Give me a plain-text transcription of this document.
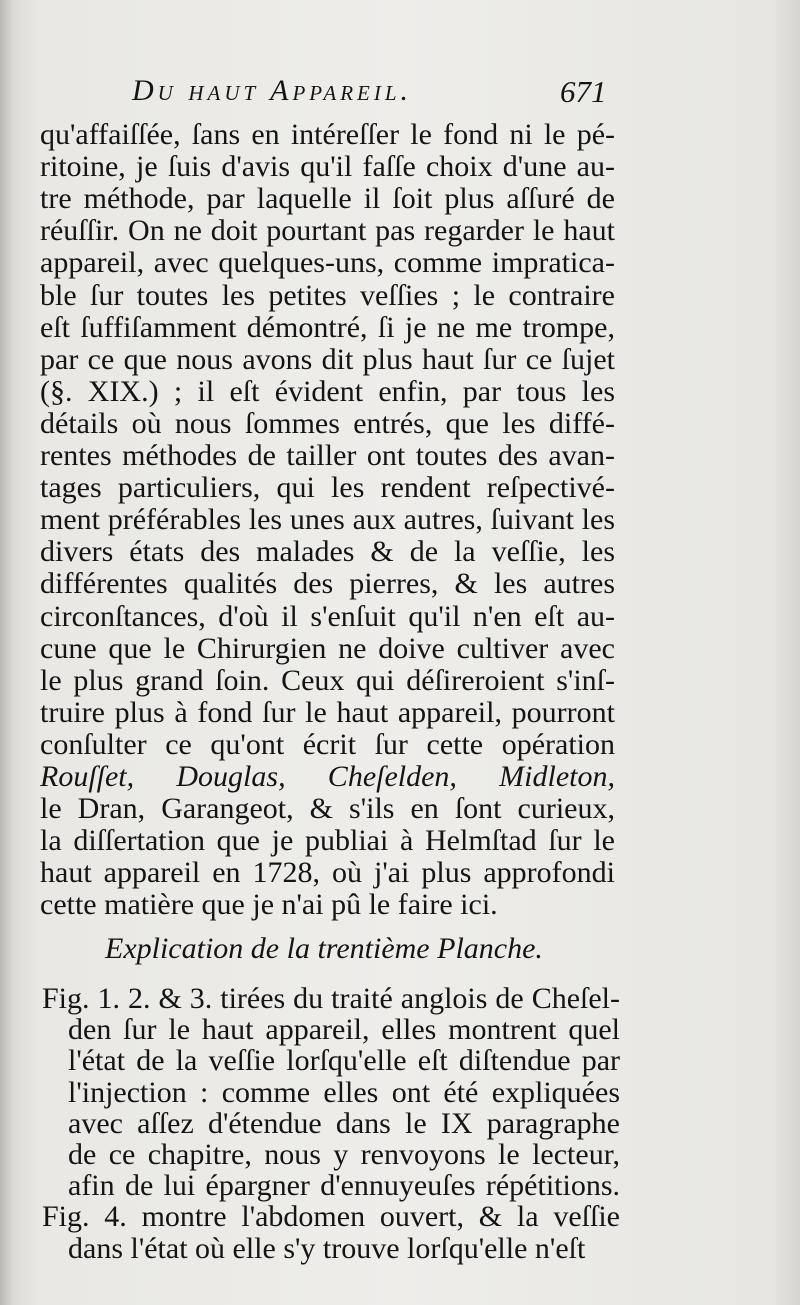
Du haut Appareil.	671
qu'affaiſſée, ſans en intéreſſer le fond ni le pé-
ritoine, je ſuis d'avis qu'il faſſe choix d'une au-
tre méthode, par laquelle il ſoit plus aſſuré de
réuſſir. On ne doit pourtant pas regarder le haut
appareil, avec quelques-uns, comme impratica-
ble ſur toutes les petites veſſies ; le contraire
eſt ſuffiſamment démontré, ſi je ne me trompe,
par ce que nous avons dit plus haut ſur ce ſujet
(§. XIX.) ; il eſt évident enfin, par tous les
détails où nous ſommes entrés, que les diffé-
rentes méthodes de tailler ont toutes des avan-
tages particuliers, qui les rendent reſpectivé-
ment préférables les unes aux autres, ſuivant les
divers états des malades & de la veſſie, les
différentes qualités des pierres, & les autres
circonſtances, d'où il s'enſuit qu'il n'en eſt au-
cune que le Chirurgien ne doive cultiver avec
le plus grand ſoin. Ceux qui déſireroient s'inſ-
truire plus à fond ſur le haut appareil, pourront
conſulter ce qu'ont écrit ſur cette opération
Rouſſet, Douglas, Cheſelden, Midleton,
le Dran, Garangeot, & s'ils en ſont curieux,
la diſſertation que je publiai à Helmſtad ſur le
haut appareil en 1728, où j'ai plus approfondi
cette matière que je n'ai pû le faire ici.
Explication de la trentième Planche.
Fig. 1. 2. & 3. tirées du traité anglois de Cheſel-
den ſur le haut appareil, elles montrent quel
l'état de la veſſie lorſqu'elle eſt diſtendue par
l'injection : comme elles ont été expliquées
avec aſſez d'étendue dans le IX paragraphe
de ce chapitre, nous y renvoyons le lecteur,
afin de lui épargner d'ennuyeuſes répétitions.
Fig. 4. montre l'abdomen ouvert, & la veſſie
dans l'état où elle s'y trouve lorſqu'elle n'eſt
